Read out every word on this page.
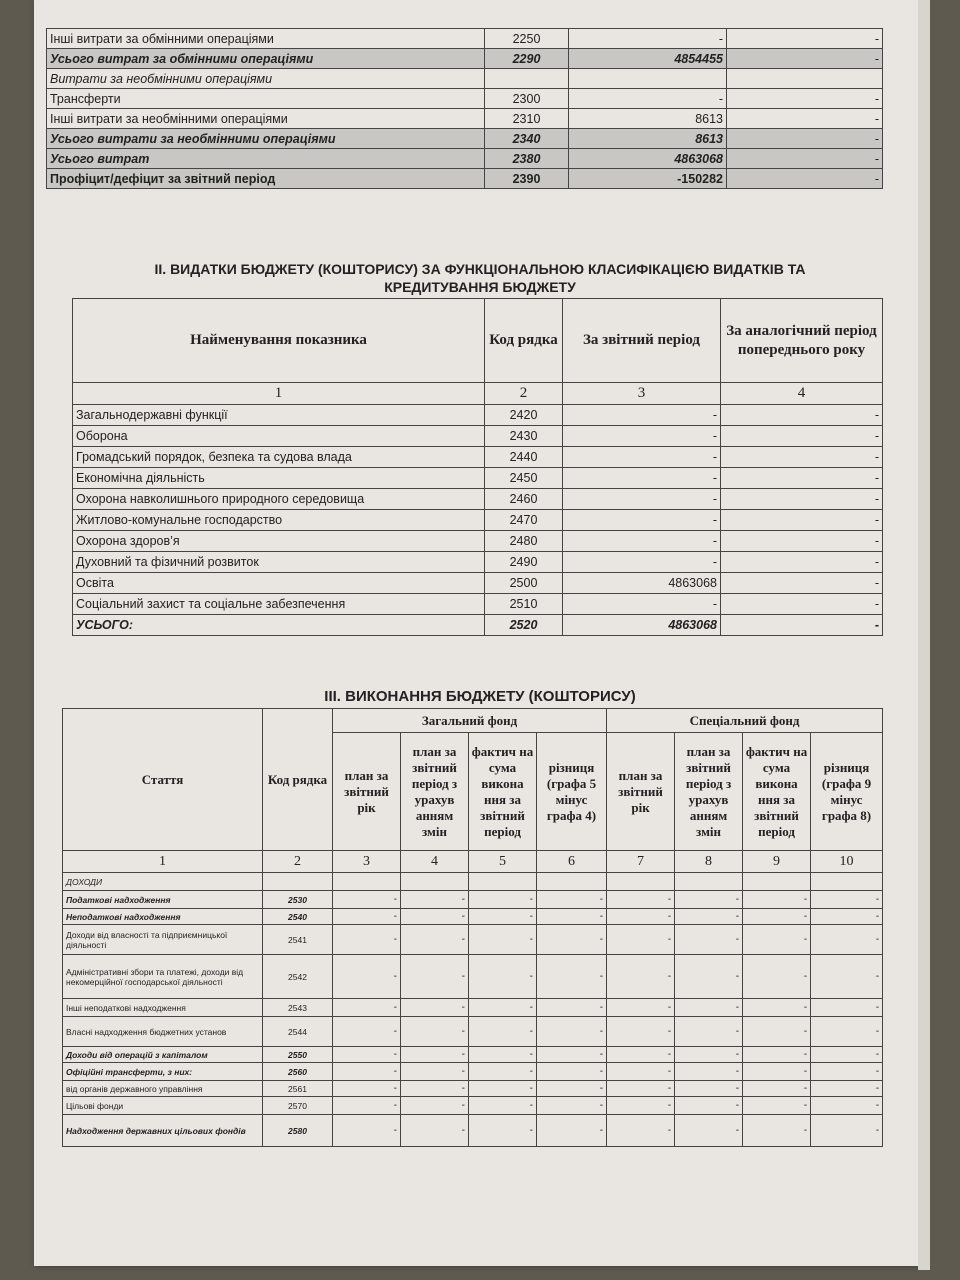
Інші витрати за обмінними операціями	2250	-	-
Усього витрат за обмінними операціями	2290	4854455	-
Витрати за необмінними операціями			
Трансферти	2300	-	-
Інші витрати за необмінними операціями	2310	8613	-
Усього витрати за необмінними операціями	2340	8613	-
Усього витрат	2380	4863068	-
Профіцит/дефіцит за звітний період	2390	-150282	-
ІІ. ВИДАТКИ БЮДЖЕТУ (КОШТОРИСУ) ЗА ФУНКЦІОНАЛЬНОЮ КЛАСИФІКАЦІЄЮ ВИДАТКІВ ТА
КРЕДИТУВАННЯ БЮДЖЕТУ
Найменування показника	Код рядка	За звітний період	За аналогічний період попереднього року
1	2	3	4
Загальнодержавні функції	2420	-	-
Оборона	2430	-	-
Громадський порядок, безпека та судова влада	2440	-	-
Економічна діяльність	2450	-	-
Охорона навколишнього природного середовища	2460	-	-
Житлово-комунальне господарство	2470	-	-
Охорона здоров’я	2480	-	-
Духовний та фізичний розвиток	2490	-	-
Освіта	2500	4863068	-
Соціальний захист та соціальне забезпечення	2510	-	-
УСЬОГО:	2520	4863068	-
ІІІ. ВИКОНАННЯ БЮДЖЕТУ (КОШТОРИСУ)
Стаття	Код рядка	Загальний фонд				Спеціальний фонд			
		план за звітний рік	план за звітний період з урахув анням змін	фактич на сума викона ння за звітний період	різниця (графа 5 мінус графа 4)	план за звітний рік	план за звітний період з урахув анням змін	фактич на сума викона ння за звітний період	різниця (графа 9 мінус графа 8)
1	2	3	4	5	6	7	8	9	10
ДОХОДИ									
Податкові надходження	2530	-	-	-	-	-	-	-	-
Неподаткові надходження	2540	-	-	-	-	-	-	-	-
Доходи від власності та підприємницької діяльності	2541	-	-	-	-	-	-	-	-
Адміністративні збори та платежі, доходи від некомерційної господарської діяльності	2542	-	-	-	-	-	-	-	-
Інші неподаткові надходження	2543	-	-	-	-	-	-	-	-
Власні надходження бюджетних установ	2544	-	-	-	-	-	-	-	-
Доходи від операцій з капіталом	2550	-	-	-	-	-	-	-	-
Офіційні трансферти, з них:	2560	-	-	-	-	-	-	-	-
від органів державного управління	2561	-	-	-	-	-	-	-	-
Цільові фонди	2570	-	-	-	-	-	-	-	-
Надходження державних цільових фондів	2580	-	-	-	-	-	-	-	-
